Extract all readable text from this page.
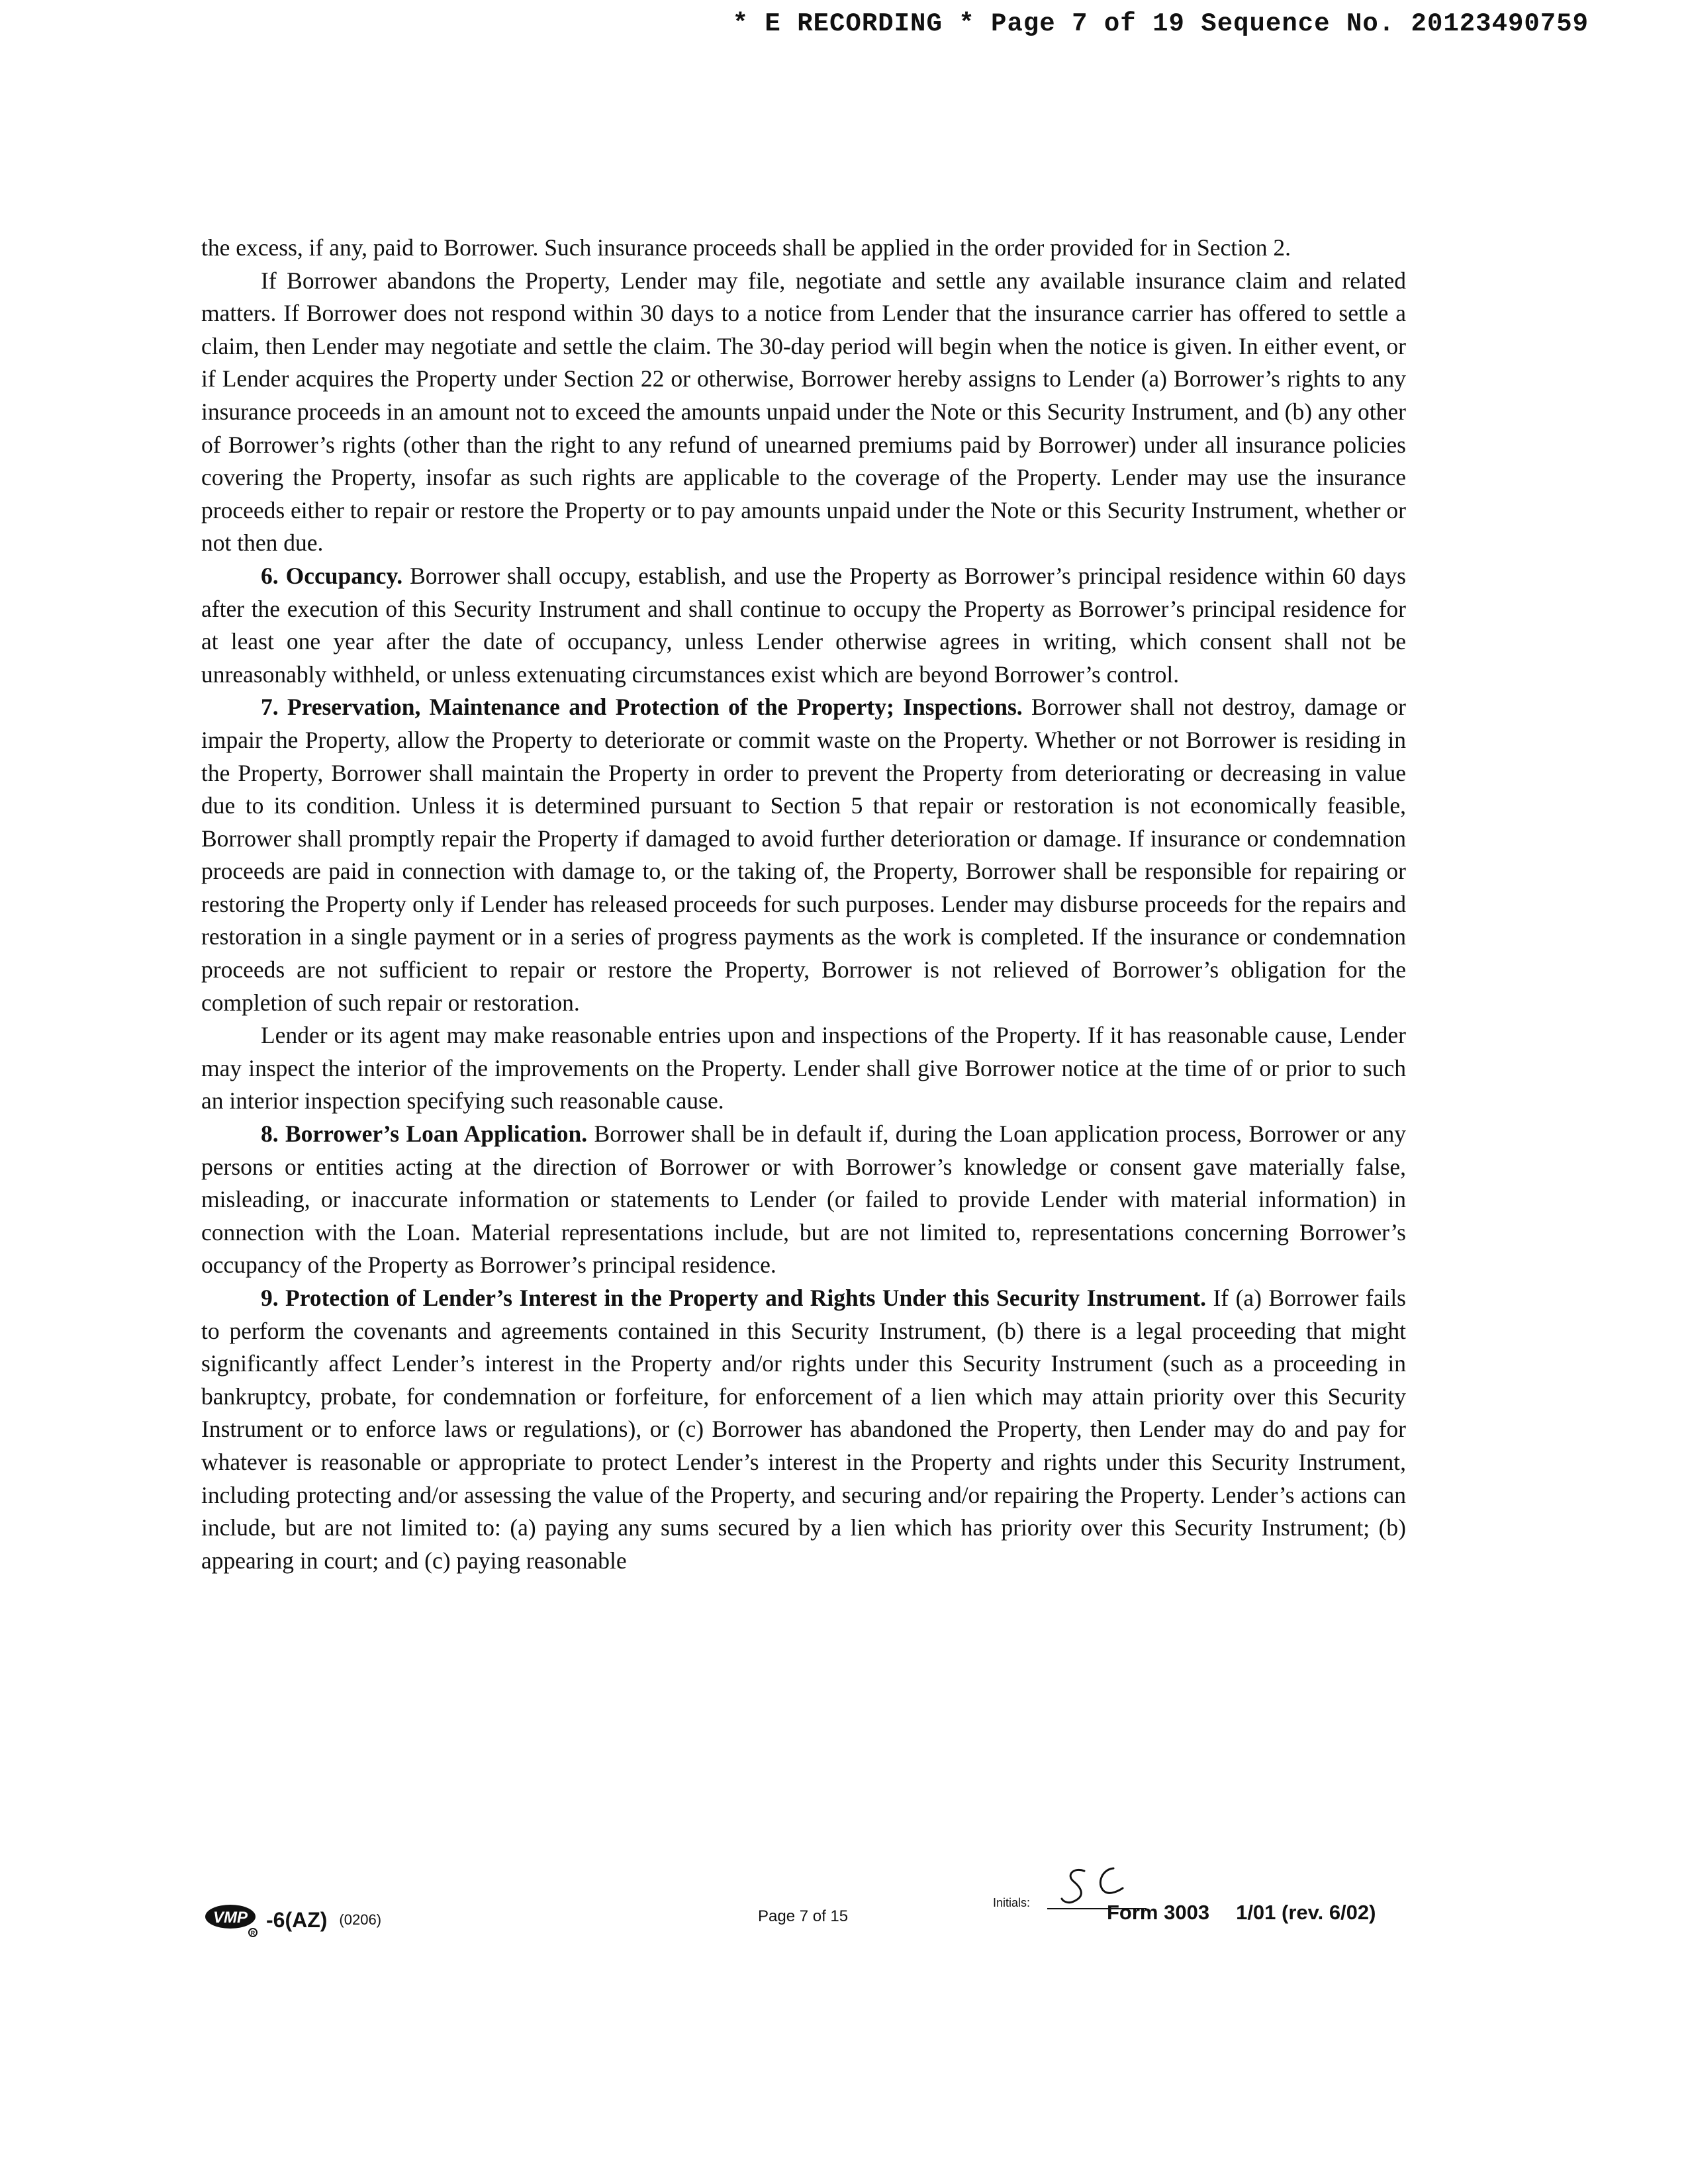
* E RECORDING * Page 7 of 19 Sequence No. 20123490759

the excess, if any, paid to Borrower. Such insurance proceeds shall be applied in the order provided for in Section 2.

If Borrower abandons the Property, Lender may file, negotiate and settle any available insurance claim and related matters. If Borrower does not respond within 30 days to a notice from Lender that the insurance carrier has offered to settle a claim, then Lender may negotiate and settle the claim. The 30-day period will begin when the notice is given. In either event, or if Lender acquires the Property under Section 22 or otherwise, Borrower hereby assigns to Lender (a) Borrower’s rights to any insurance proceeds in an amount not to exceed the amounts unpaid under the Note or this Security Instrument, and (b) any other of Borrower’s rights (other than the right to any refund of unearned premiums paid by Borrower) under all insurance policies covering the Property, insofar as such rights are applicable to the coverage of the Property. Lender may use the insurance proceeds either to repair or restore the Property or to pay amounts unpaid under the Note or this Security Instrument, whether or not then due.

6. Occupancy. Borrower shall occupy, establish, and use the Property as Borrower’s principal residence within 60 days after the execution of this Security Instrument and shall continue to occupy the Property as Borrower’s principal residence for at least one year after the date of occupancy, unless Lender otherwise agrees in writing, which consent shall not be unreasonably withheld, or unless extenuating circumstances exist which are beyond Borrower’s control.

7. Preservation, Maintenance and Protection of the Property; Inspections. Borrower shall not destroy, damage or impair the Property, allow the Property to deteriorate or commit waste on the Property. Whether or not Borrower is residing in the Property, Borrower shall maintain the Property in order to prevent the Property from deteriorating or decreasing in value due to its condition. Unless it is determined pursuant to Section 5 that repair or restoration is not economically feasible, Borrower shall promptly repair the Property if damaged to avoid further deterioration or damage. If insurance or condemnation proceeds are paid in connection with damage to, or the taking of, the Property, Borrower shall be responsible for repairing or restoring the Property only if Lender has released proceeds for such purposes. Lender may disburse proceeds for the repairs and restoration in a single payment or in a series of progress payments as the work is completed. If the insurance or condemnation proceeds are not sufficient to repair or restore the Property, Borrower is not relieved of Borrower’s obligation for the completion of such repair or restoration.

Lender or its agent may make reasonable entries upon and inspections of the Property. If it has reasonable cause, Lender may inspect the interior of the improvements on the Property. Lender shall give Borrower notice at the time of or prior to such an interior inspection specifying such reasonable cause.

8. Borrower’s Loan Application. Borrower shall be in default if, during the Loan application process, Borrower or any persons or entities acting at the direction of Borrower or with Borrower’s knowledge or consent gave materially false, misleading, or inaccurate information or statements to Lender (or failed to provide Lender with material information) in connection with the Loan. Material representations include, but are not limited to, representations concerning Borrower’s occupancy of the Property as Borrower’s principal residence.

9. Protection of Lender’s Interest in the Property and Rights Under this Security Instrument. If (a) Borrower fails to perform the covenants and agreements contained in this Security Instrument, (b) there is a legal proceeding that might significantly affect Lender’s interest in the Property and/or rights under this Security Instrument (such as a proceeding in bankruptcy, probate, for condemnation or forfeiture, for enforcement of a lien which may attain priority over this Security Instrument or to enforce laws or regulations), or (c) Borrower has abandoned the Property, then Lender may do and pay for whatever is reasonable or appropriate to protect Lender’s interest in the Property and rights under this Security Instrument, including protecting and/or assessing the value of the Property, and securing and/or repairing the Property. Lender’s actions can include, but are not limited to: (a) paying any sums secured by a lien which has priority over this Security Instrument; (b) appearing in court; and (c) paying reasonable

VMP
R
-6(AZ) (0206)	Page 7 of 15
Initials:	Form 3003 1/01 (rev. 6/02)
